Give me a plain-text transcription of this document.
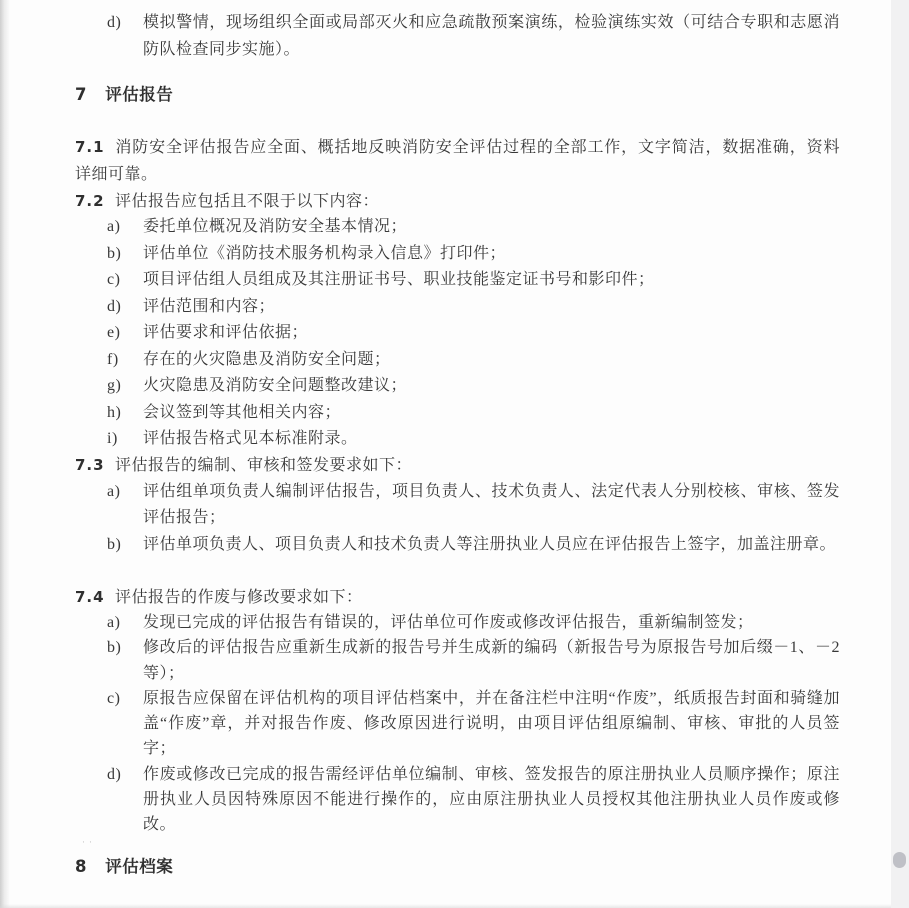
d)	模拟警情，现场组织全面或局部灭火和应急疏散预案演练，检验演练实效（可结合专职和志愿消防队检查同步实施）。
7 评估报告
7.1 消防安全评估报告应全面、概括地反映消防安全评估过程的全部工作，文字简洁，数据准确，资料详细可靠。
7.2 评估报告应包括且不限于以下内容：
a)	委托单位概况及消防安全基本情况；
b)	评估单位《消防技术服务机构录入信息》打印件；
c)	项目评估组人员组成及其注册证书号、职业技能鉴定证书号和影印件；
d)	评估范围和内容；
e)	评估要求和评估依据；
f)	存在的火灾隐患及消防安全问题；
g)	火灾隐患及消防安全问题整改建议；
h)	会议签到等其他相关内容；
i)	评估报告格式见本标准附录。
7.3 评估报告的编制、审核和签发要求如下：
a)	评估组单项负责人编制评估报告，项目负责人、技术负责人、法定代表人分别校核、审核、签发评估报告；
b)	评估单项负责人、项目负责人和技术负责人等注册执业人员应在评估报告上签字，加盖注册章。
7.4 评估报告的作废与修改要求如下：
a)	发现已完成的评估报告有错误的，评估单位可作废或修改评估报告，重新编制签发；
b)	修改后的评估报告应重新生成新的报告号并生成新的编码（新报告号为原报告号加后缀－1、－2 等）；
c)	原报告应保留在评估机构的项目评估档案中，并在备注栏中注明“作废”，纸质报告封面和骑缝加盖“作废”章，并对报告作废、修改原因进行说明，由项目评估组原编制、审核、审批的人员签字；
d)	作废或修改已完成的报告需经评估单位编制、审核、签发报告的原注册执业人员顺序操作；原注册执业人员因特殊原因不能进行操作的，应由原注册执业人员授权其他注册执业人员作废或修改。
··
8 评估档案
